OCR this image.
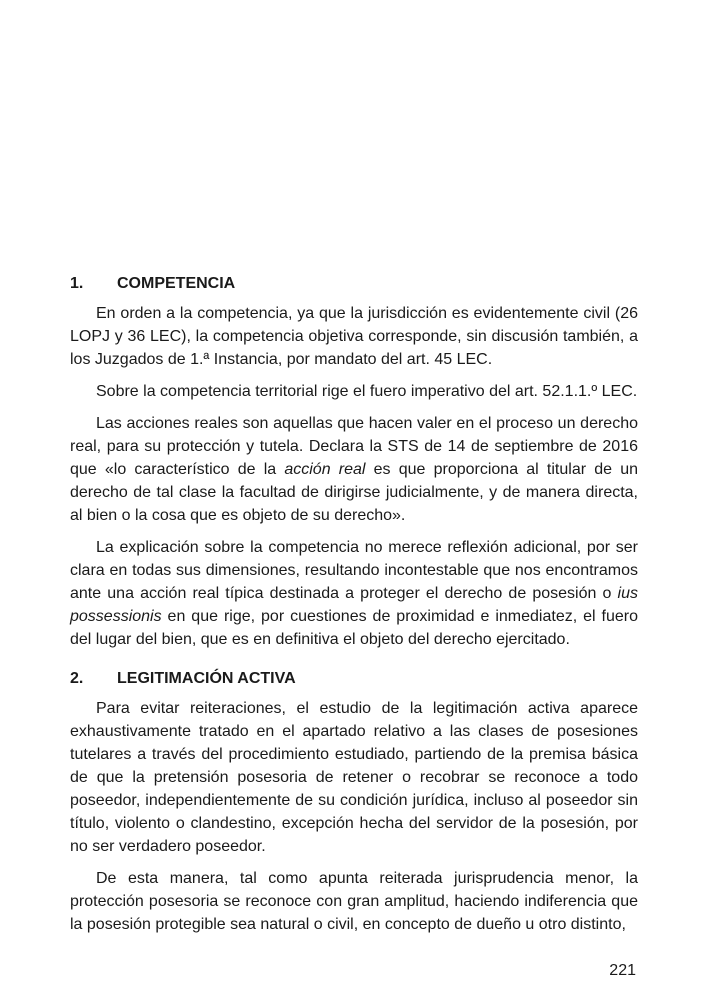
1.	COMPETENCIA

En orden a la competencia, ya que la jurisdicción es evidentemente civil (26 LOPJ y 36 LEC), la competencia objetiva corresponde, sin discusión también, a los Juzgados de 1.ª Instancia, por mandato del art. 45 LEC.

Sobre la competencia territorial rige el fuero imperativo del art. 52.1.1.º LEC.

Las acciones reales son aquellas que hacen valer en el proceso un derecho real, para su protección y tutela. Declara la STS de 14 de septiembre de 2016 que «lo característico de la acción real es que proporciona al titular de un derecho de tal clase la facultad de dirigirse judicialmente, y de manera directa, al bien o la cosa que es objeto de su derecho».

La explicación sobre la competencia no merece reflexión adicional, por ser clara en todas sus dimensiones, resultando incontestable que nos encontramos ante una acción real típica destinada a proteger el derecho de posesión o ius possessionis en que rige, por cuestiones de proximidad e inmediatez, el fuero del lugar del bien, que es en definitiva el objeto del derecho ejercitado.

2.	LEGITIMACIÓN ACTIVA

Para evitar reiteraciones, el estudio de la legitimación activa aparece exhaustivamente tratado en el apartado relativo a las clases de posesiones tutelares a través del procedimiento estudiado, partiendo de la premisa básica de que la pretensión posesoria de retener o recobrar se reconoce a todo poseedor, independientemente de su condición jurídica, incluso al poseedor sin título, violento o clandestino, excepción hecha del servidor de la posesión, por no ser verdadero poseedor.

De esta manera, tal como apunta reiterada jurisprudencia menor, la protección posesoria se reconoce con gran amplitud, haciendo indiferencia que la posesión protegible sea natural o civil, en concepto de dueño u otro distinto,

221
